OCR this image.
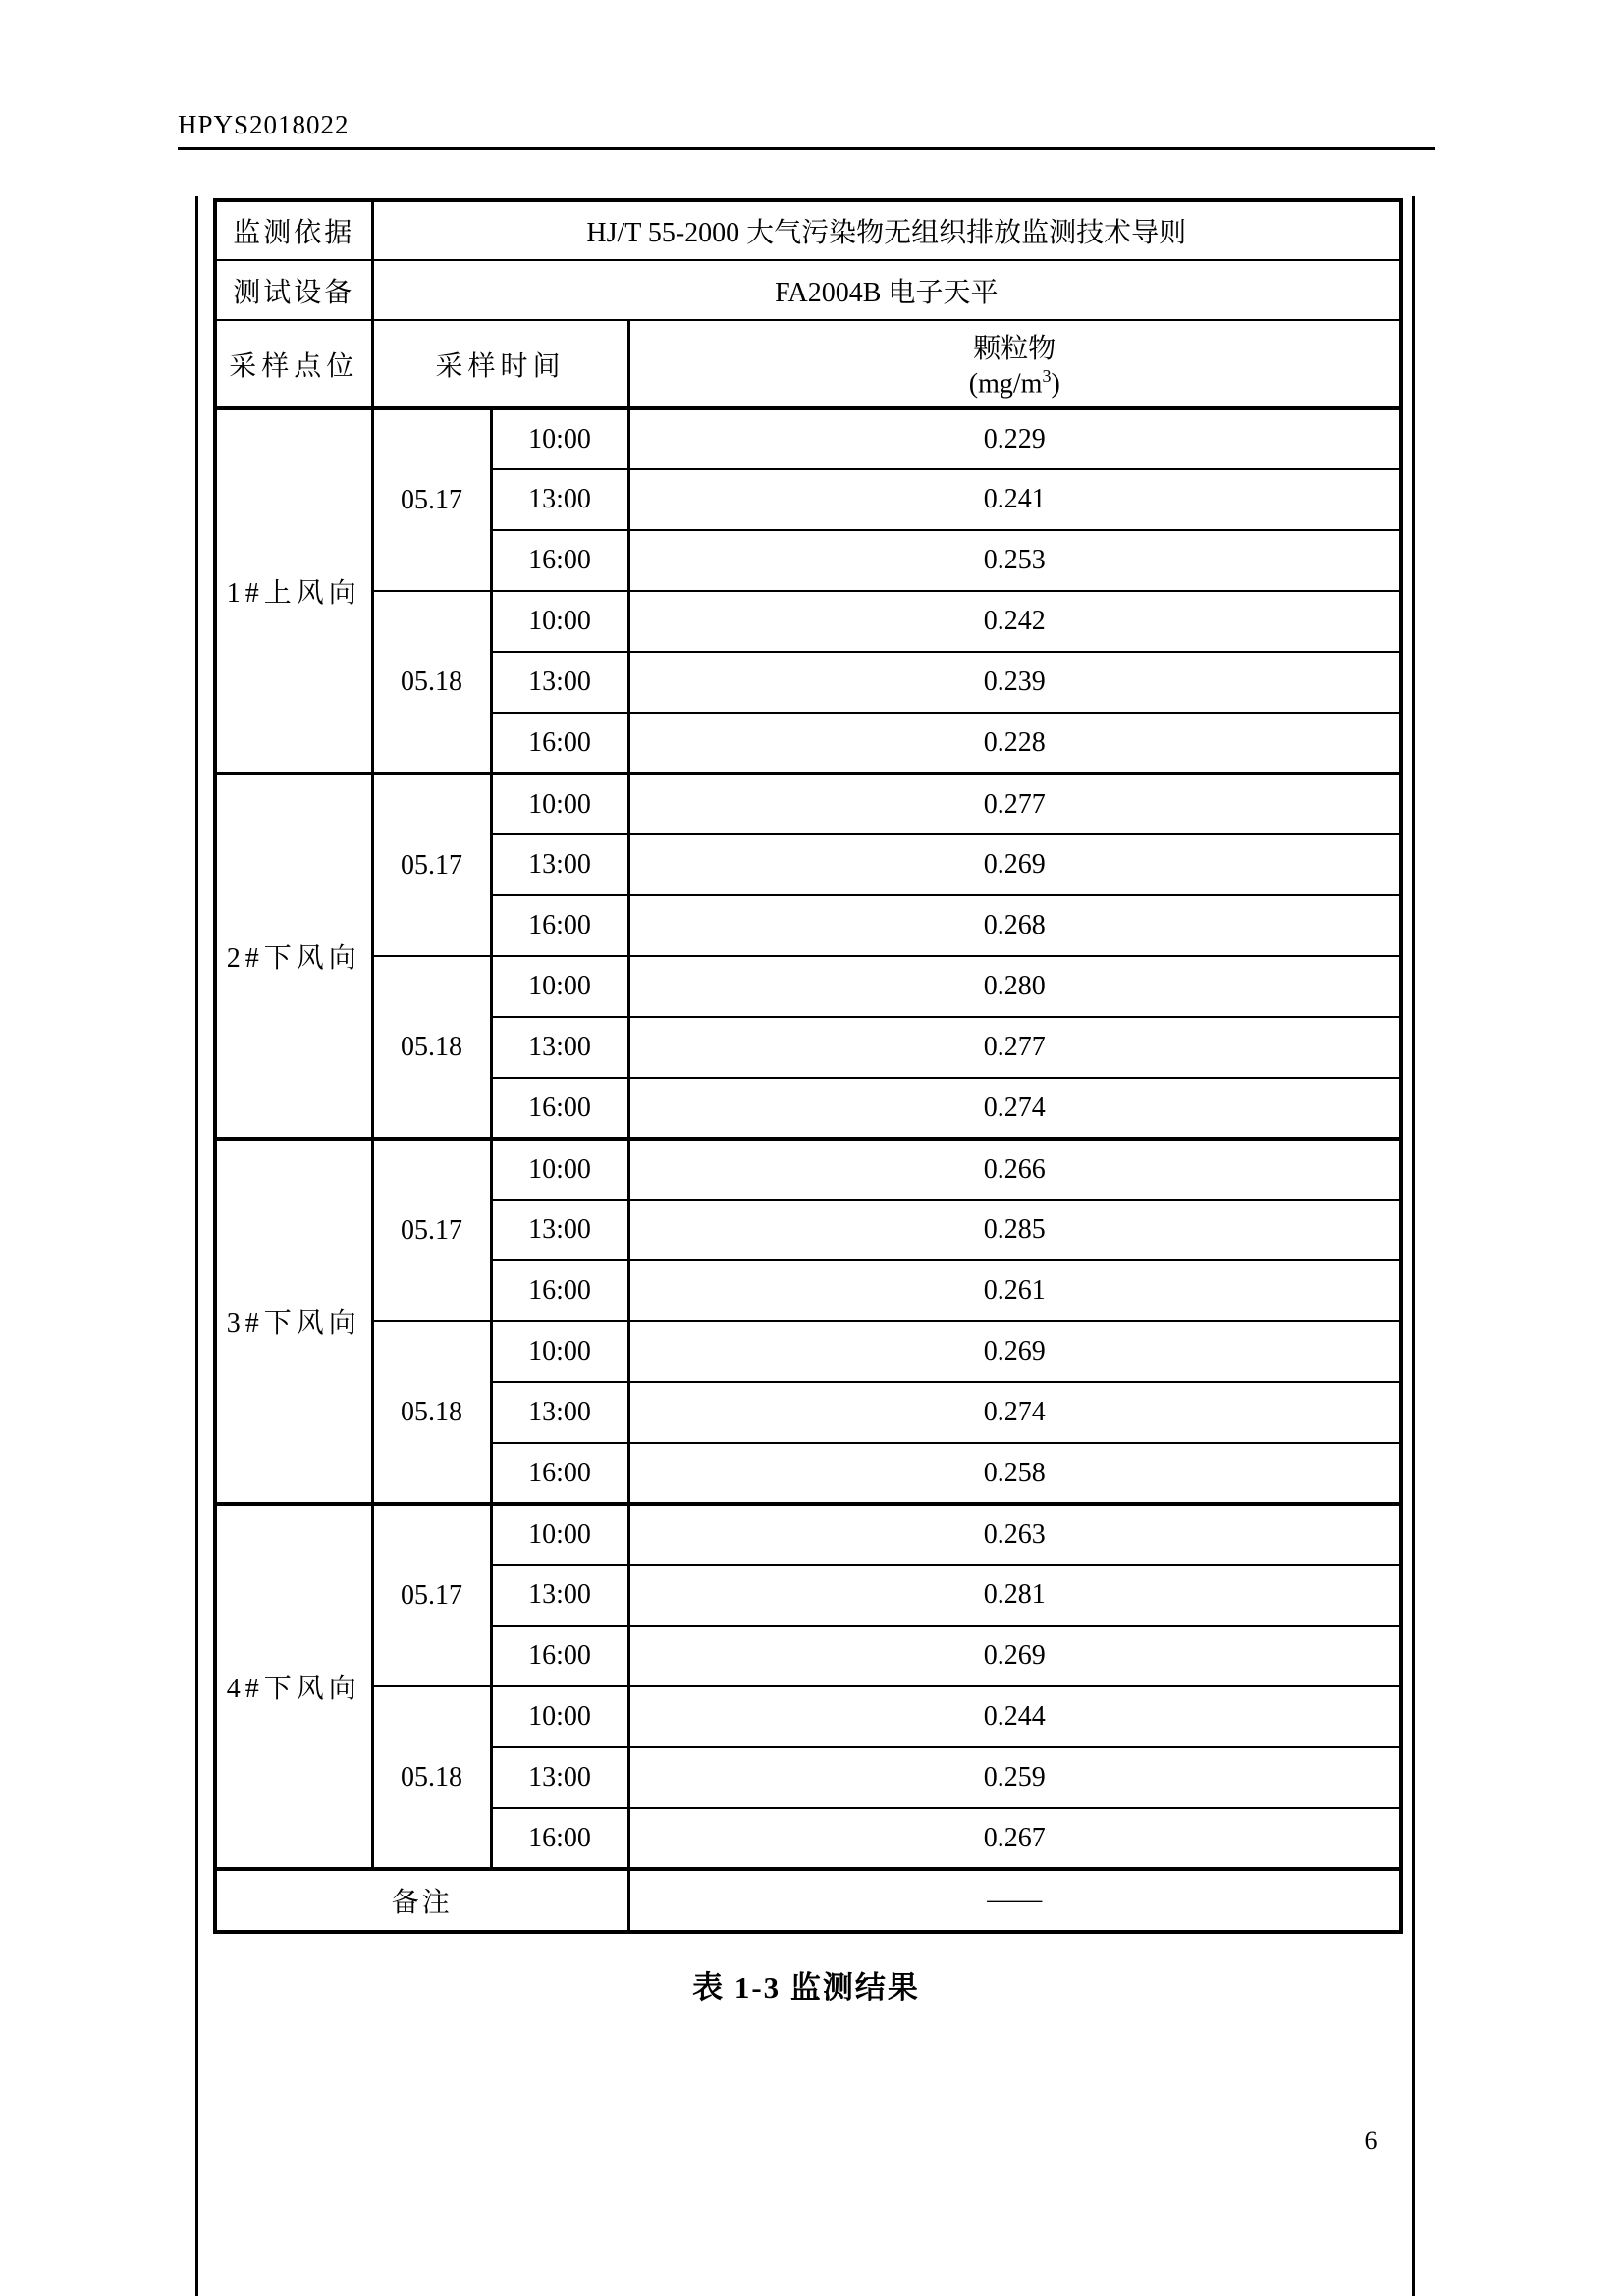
HPYS2018022
监测依据	HJ/T 55-2000 大气污染物无组织排放监测技术导则		
测试设备	FA2004B 电子天平		
采样点位	采样时间		颗粒物
$(mg/m^3)$

1#上风向	05.17	10:00	0.229
		13:00	0.241
		16:00	0.253
	05.18	10:00	0.242
		13:00	0.239
		16:00	0.228
2#下风向	05.17	10:00	0.277
		13:00	0.269
		16:00	0.268
	05.18	10:00	0.280
		13:00	0.277
		16:00	0.274
3#下风向	05.17	10:00	0.266
		13:00	0.285
		16:00	0.261
	05.18	10:00	0.269
		13:00	0.274
		16:00	0.258
4#下风向	05.17	10:00	0.263
		13:00	0.281
		16:00	0.269
	05.18	10:00	0.244
		13:00	0.259
		16:00	0.267
备注			——
表 1-3 监测结果
6
